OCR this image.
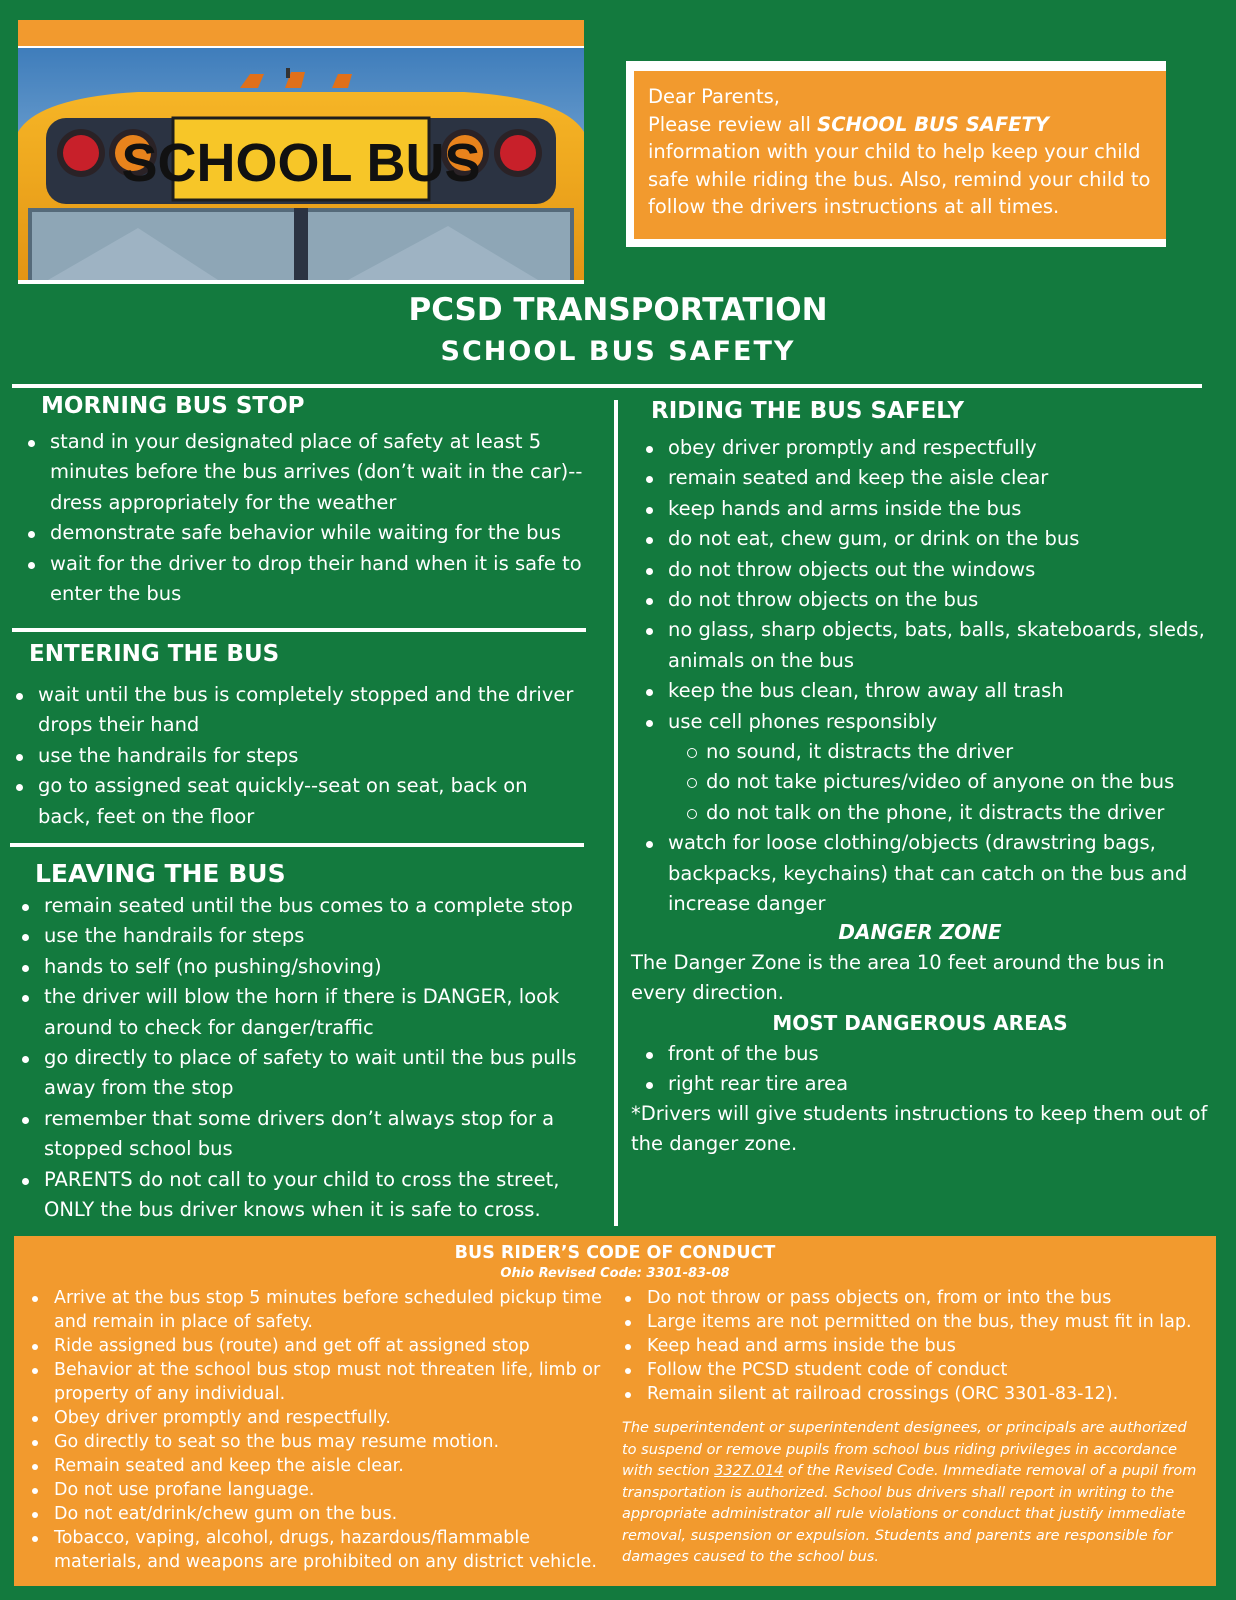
SCHOOL BUS
Dear Parents,
Please review all SCHOOL BUS SAFETY information with your child to help keep your child safe while riding the bus. Also, remind your child to follow the drivers instructions at all times.
PCSD TRANSPORTATION
SCHOOL BUS SAFETY
MORNING BUS STOP
stand in your designated place of safety at least 5 minutes before the bus arrives (don’t wait in the car)--dress appropriately for the weather
demonstrate safe behavior while waiting for the bus
wait for the driver to drop their hand when it is safe to enter the bus
ENTERING THE BUS
wait until the bus is completely stopped and the driver drops their hand
use the handrails for steps
go to assigned seat quickly--seat on seat, back on back, feet on the floor
LEAVING THE BUS
remain seated until the bus comes to a complete stop
use the handrails for steps
hands to self (no pushing/shoving)
the driver will blow the horn if there is DANGER, look around to check for danger/traffic
go directly to place of safety to wait until the bus pulls away from the stop
remember that some drivers don’t always stop for a stopped school bus
PARENTS do not call to your child to cross the street, ONLY the bus driver knows when it is safe to cross.
RIDING THE BUS SAFELY
obey driver promptly and respectfully
remain seated and keep the aisle clear
keep hands and arms inside the bus
do not eat, chew gum, or drink on the bus
do not throw objects out the windows
do not throw objects on the bus
no glass, sharp objects, bats, balls, skateboards, sleds, animals on the bus
keep the bus clean, throw away all trash
use cell phones responsibly
no sound, it distracts the driver
do not take pictures/video of anyone on the bus
do not talk on the phone, it distracts the driver
watch for loose clothing/objects (drawstring bags, backpacks, keychains) that can catch on the bus and increase danger
DANGER ZONE
The Danger Zone is the area 10 feet around the bus in every direction.
MOST DANGEROUS AREAS
front of the bus
right rear tire area
*Drivers will give students instructions to keep them out of the danger zone.
BUS RIDER’S CODE OF CONDUCT
Ohio Revised Code: 3301-83-08
Arrive at the bus stop 5 minutes before scheduled pickup time and remain in place of safety.
Ride assigned bus (route) and get off at assigned stop
Behavior at the school bus stop must not threaten life, limb or property of any individual.
Obey driver promptly and respectfully.
Go directly to seat so the bus may resume motion.
Remain seated and keep the aisle clear.
Do not use profane language.
Do not eat/drink/chew gum on the bus.
Tobacco, vaping, alcohol, drugs, hazardous/flammable materials, and weapons are prohibited on any district vehicle.
Do not throw or pass objects on, from or into the bus
Large items are not permitted on the bus, they must fit in lap.
Keep head and arms inside the bus
Follow the PCSD student code of conduct
Remain silent at railroad crossings (ORC 3301-83-12).
The superintendent or superintendent designees, or principals are authorized to suspend or remove pupils from school bus riding privileges in accordance with section 3327.014 of the Revised Code. Immediate removal of a pupil from transportation is authorized. School bus drivers shall report in writing to the appropriate administrator all rule violations or conduct that justify immediate removal, suspension or expulsion. Students and parents are responsible for damages caused to the school bus.
